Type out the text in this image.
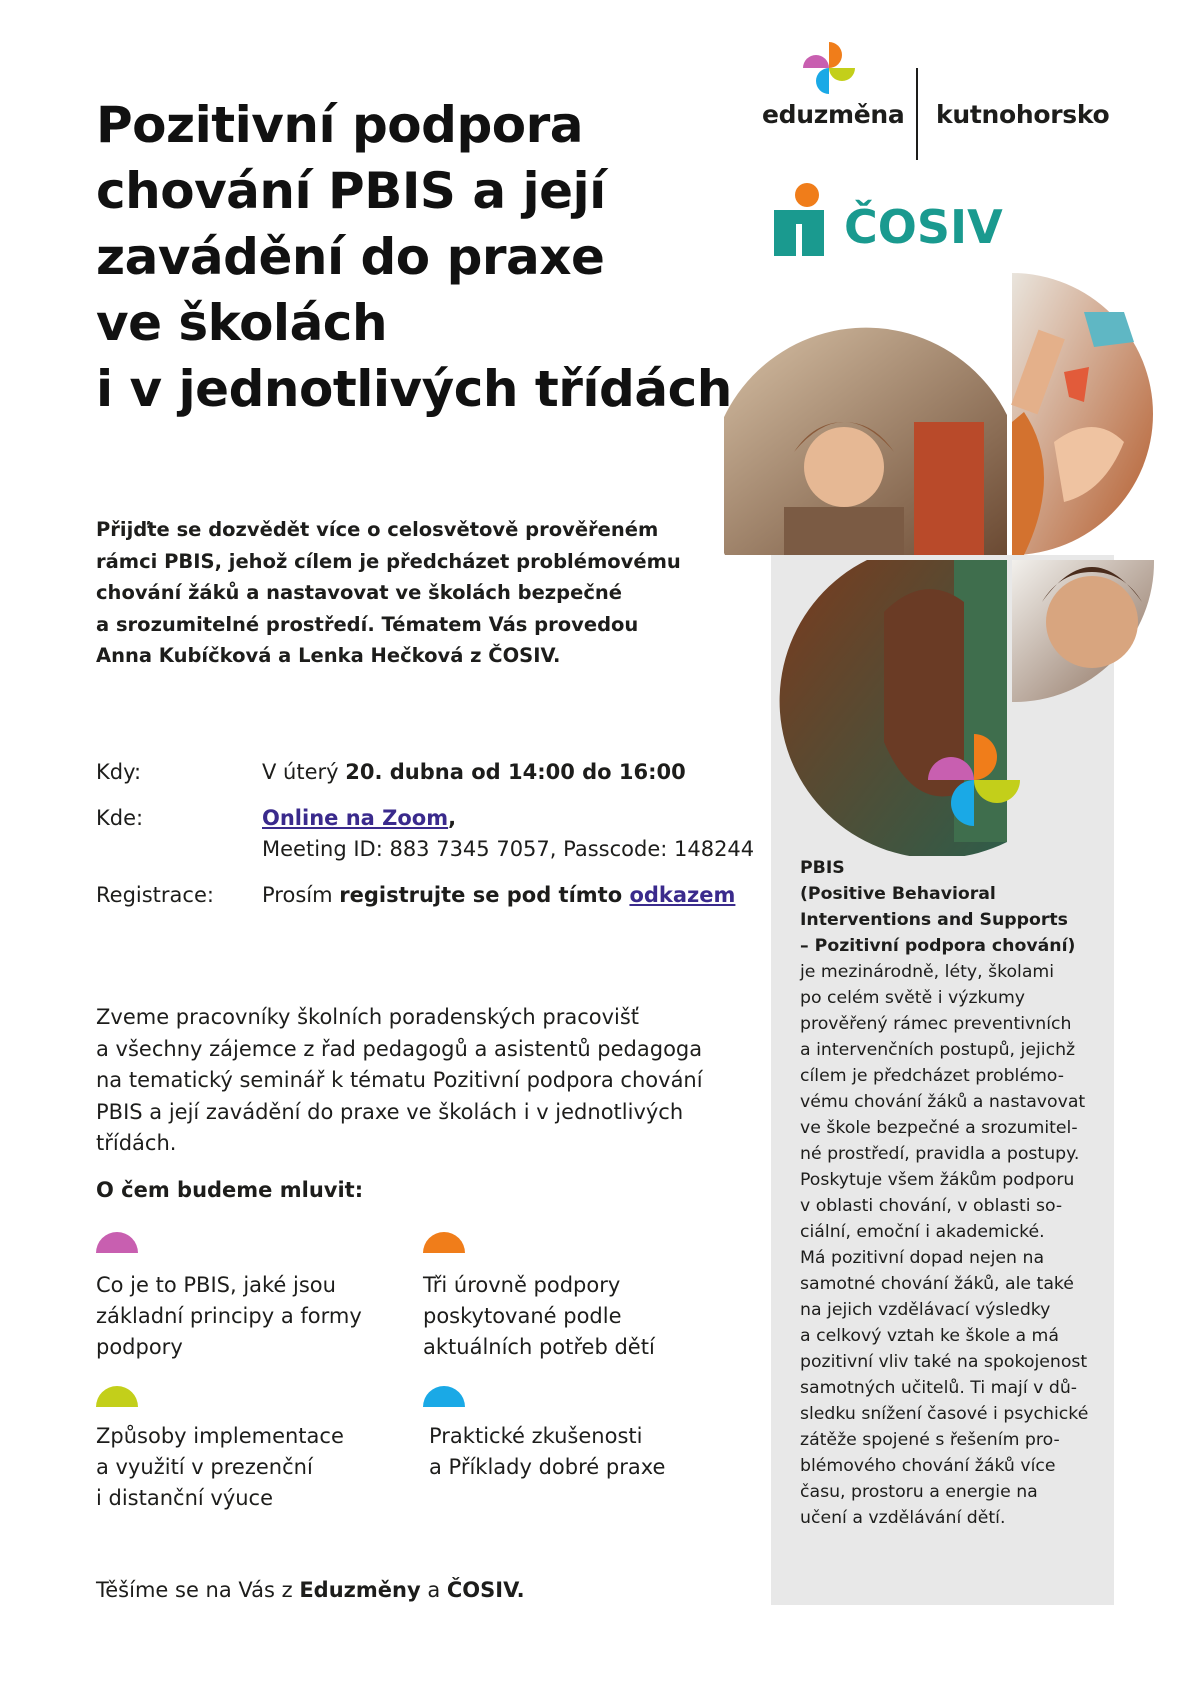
eduzměna kutnohorsko
ČOSIV
Pozitivní podpora
chování PBIS a její
zavádění do praxe
ve školách
i v jednotlivých třídách
Přijďte se dozvědět více o celosvětově prověřeném
rámci PBIS, jehož cílem je předcházet problémovému
chování žáků a nastavovat ve školách bezpečné
a srozumitelné prostředí. Tématem Vás provedou
Anna Kubíčková a Lenka Hečková z ČOSIV.
Kdy:	V úterý 20. dubna od 14:00 do 16:00
Kde:	Online na Zoom,
Meeting ID: 883 7345 7057, Passcode: 148244
Registrace: Prosím registrujte se pod tímto odkazem
Zveme pracovníky školních poradenských pracovišť
a všechny zájemce z řad pedagogů a asistentů pedagoga
na tematický seminář k tématu Pozitivní podpora chování
PBIS a její zavádění do praxe ve školách i v jednotlivých
třídách.
O čem budeme mluvit:
Co je to PBIS, jaké jsou
základní principy a formy
podpory
Tři úrovně podpory
poskytované podle
aktuálních potřeb dětí
Způsoby implementace
a využití v prezenční
i distanční výuce
Praktické zkušenosti
a Příklady dobré praxe
Těšíme se na Vás z Eduzměny a ČOSIV.
PBIS
(Positive Behavioral
Interventions and Supports
– Pozitivní podpora chování)
je mezinárodně, léty, školami
po celém světě i výzkumy
prověřený rámec preventivních
a intervenčních postupů, jejichž
cílem je předcházet problémo-
vému chování žáků a nastavovat
ve škole bezpečné a srozumitel-
né prostředí, pravidla a postupy.
Poskytuje všem žákům podporu
v oblasti chování, v oblasti so-
ciální, emoční i akademické.
Má pozitivní dopad nejen na
samotné chování žáků, ale také
na jejich vzdělávací výsledky
a celkový vztah ke škole a má
pozitivní vliv také na spokojenost
samotných učitelů. Ti mají v dů-
sledku snížení časové i psychické
zátěže spojené s řešením pro-
blémového chování žáků více
času, prostoru a energie na
učení a vzdělávání dětí.
